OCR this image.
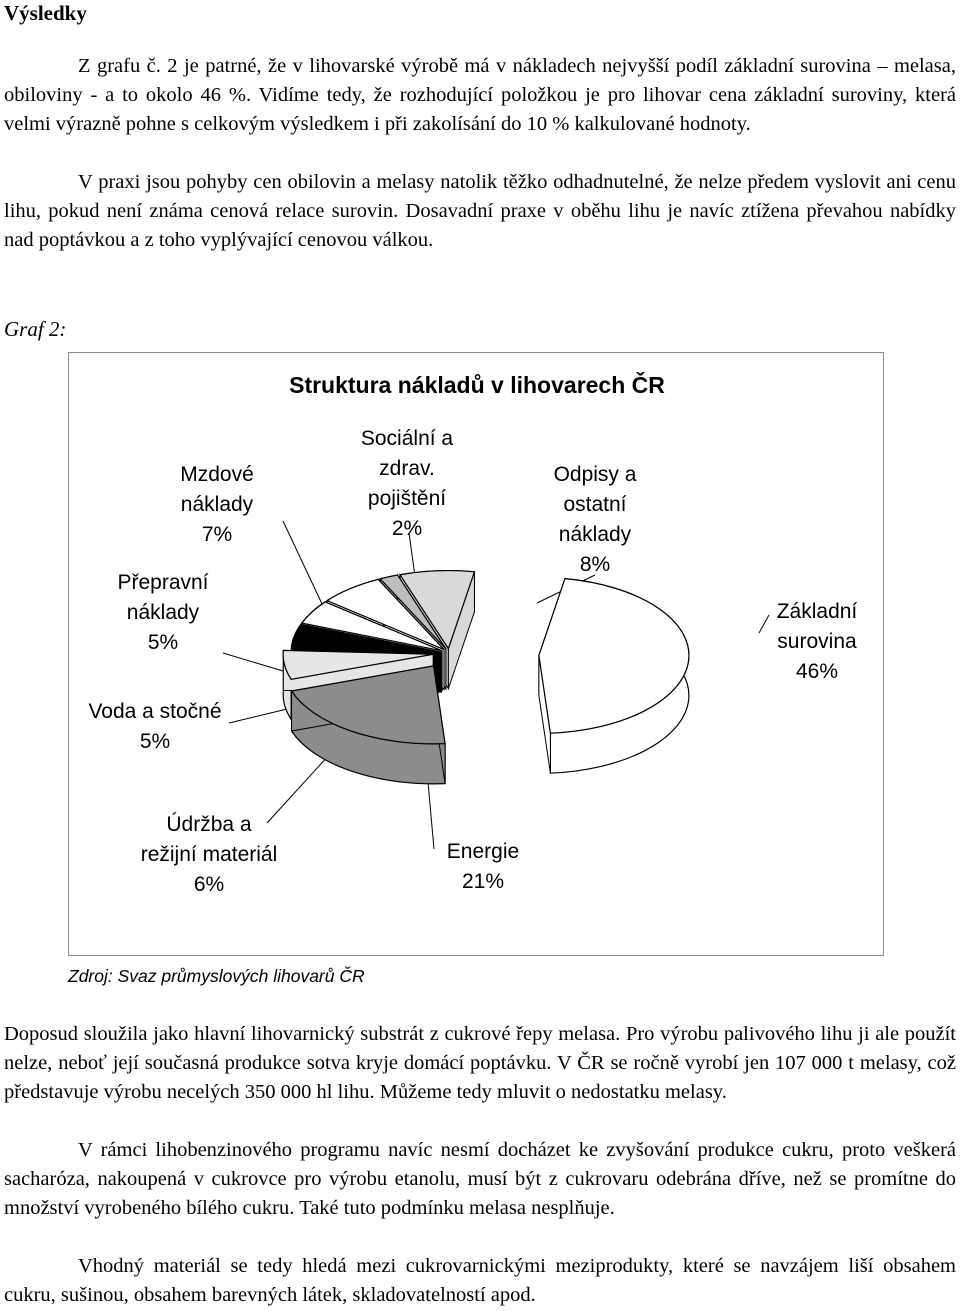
Výsledky

Z grafu č. 2 je patrné, že v lihovarské výrobě má v nákladech nejvyšší podíl základní surovina – melasa, obiloviny - a to okolo 46 %. Vidíme tedy, že rozhodující položkou je pro lihovar cena základní suroviny, která velmi výrazně pohne s celkovým výsledkem i při zakolísání do 10 % kalkulované hodnoty.

V praxi jsou pohyby cen obilovin a melasy natolik těžko odhadnutelné, že nelze předem vyslovit ani cenu lihu, pokud není známa cenová relace surovin. Dosavadní praxe v oběhu lihu je navíc ztížena převahou nabídky nad poptávkou a z toho vyplývající cenovou válkou.

Graf 2:

Struktura nákladů v lihovarech ČR
Základní surovina 46%
Energie 21%
Údržba a režijní materiál 6%
Voda a stočné 5%
Přepravní náklady 5%
Mzdové náklady 7%
Sociální a zdrav. pojištění 2%
Odpisy a ostatní náklady 8%

Zdroj: Svaz průmyslových lihovarů ČR

Doposud sloužila jako hlavní lihovarnický substrát z cukrové řepy melasa. Pro výrobu palivového lihu ji ale použít nelze, neboť její současná produkce sotva kryje domácí poptávku. V ČR se ročně vyrobí jen 107 000 t melasy, což představuje výrobu necelých 350 000 hl lihu. Můžeme tedy mluvit o nedostatku melasy.

V rámci lihobenzinového programu navíc nesmí docházet ke zvyšování produkce cukru, proto veškerá sacharóza, nakoupená v cukrovce pro výrobu etanolu, musí být z cukrovaru odebrána dříve, než se promítne do množství vyrobeného bílého cukru. Také tuto podmínku melasa nesplňuje.

Vhodný materiál se tedy hledá mezi cukrovarnickými meziprodukty, které se navzájem liší obsahem cukru, sušinou, obsahem barevných látek, skladovatelností apod.
